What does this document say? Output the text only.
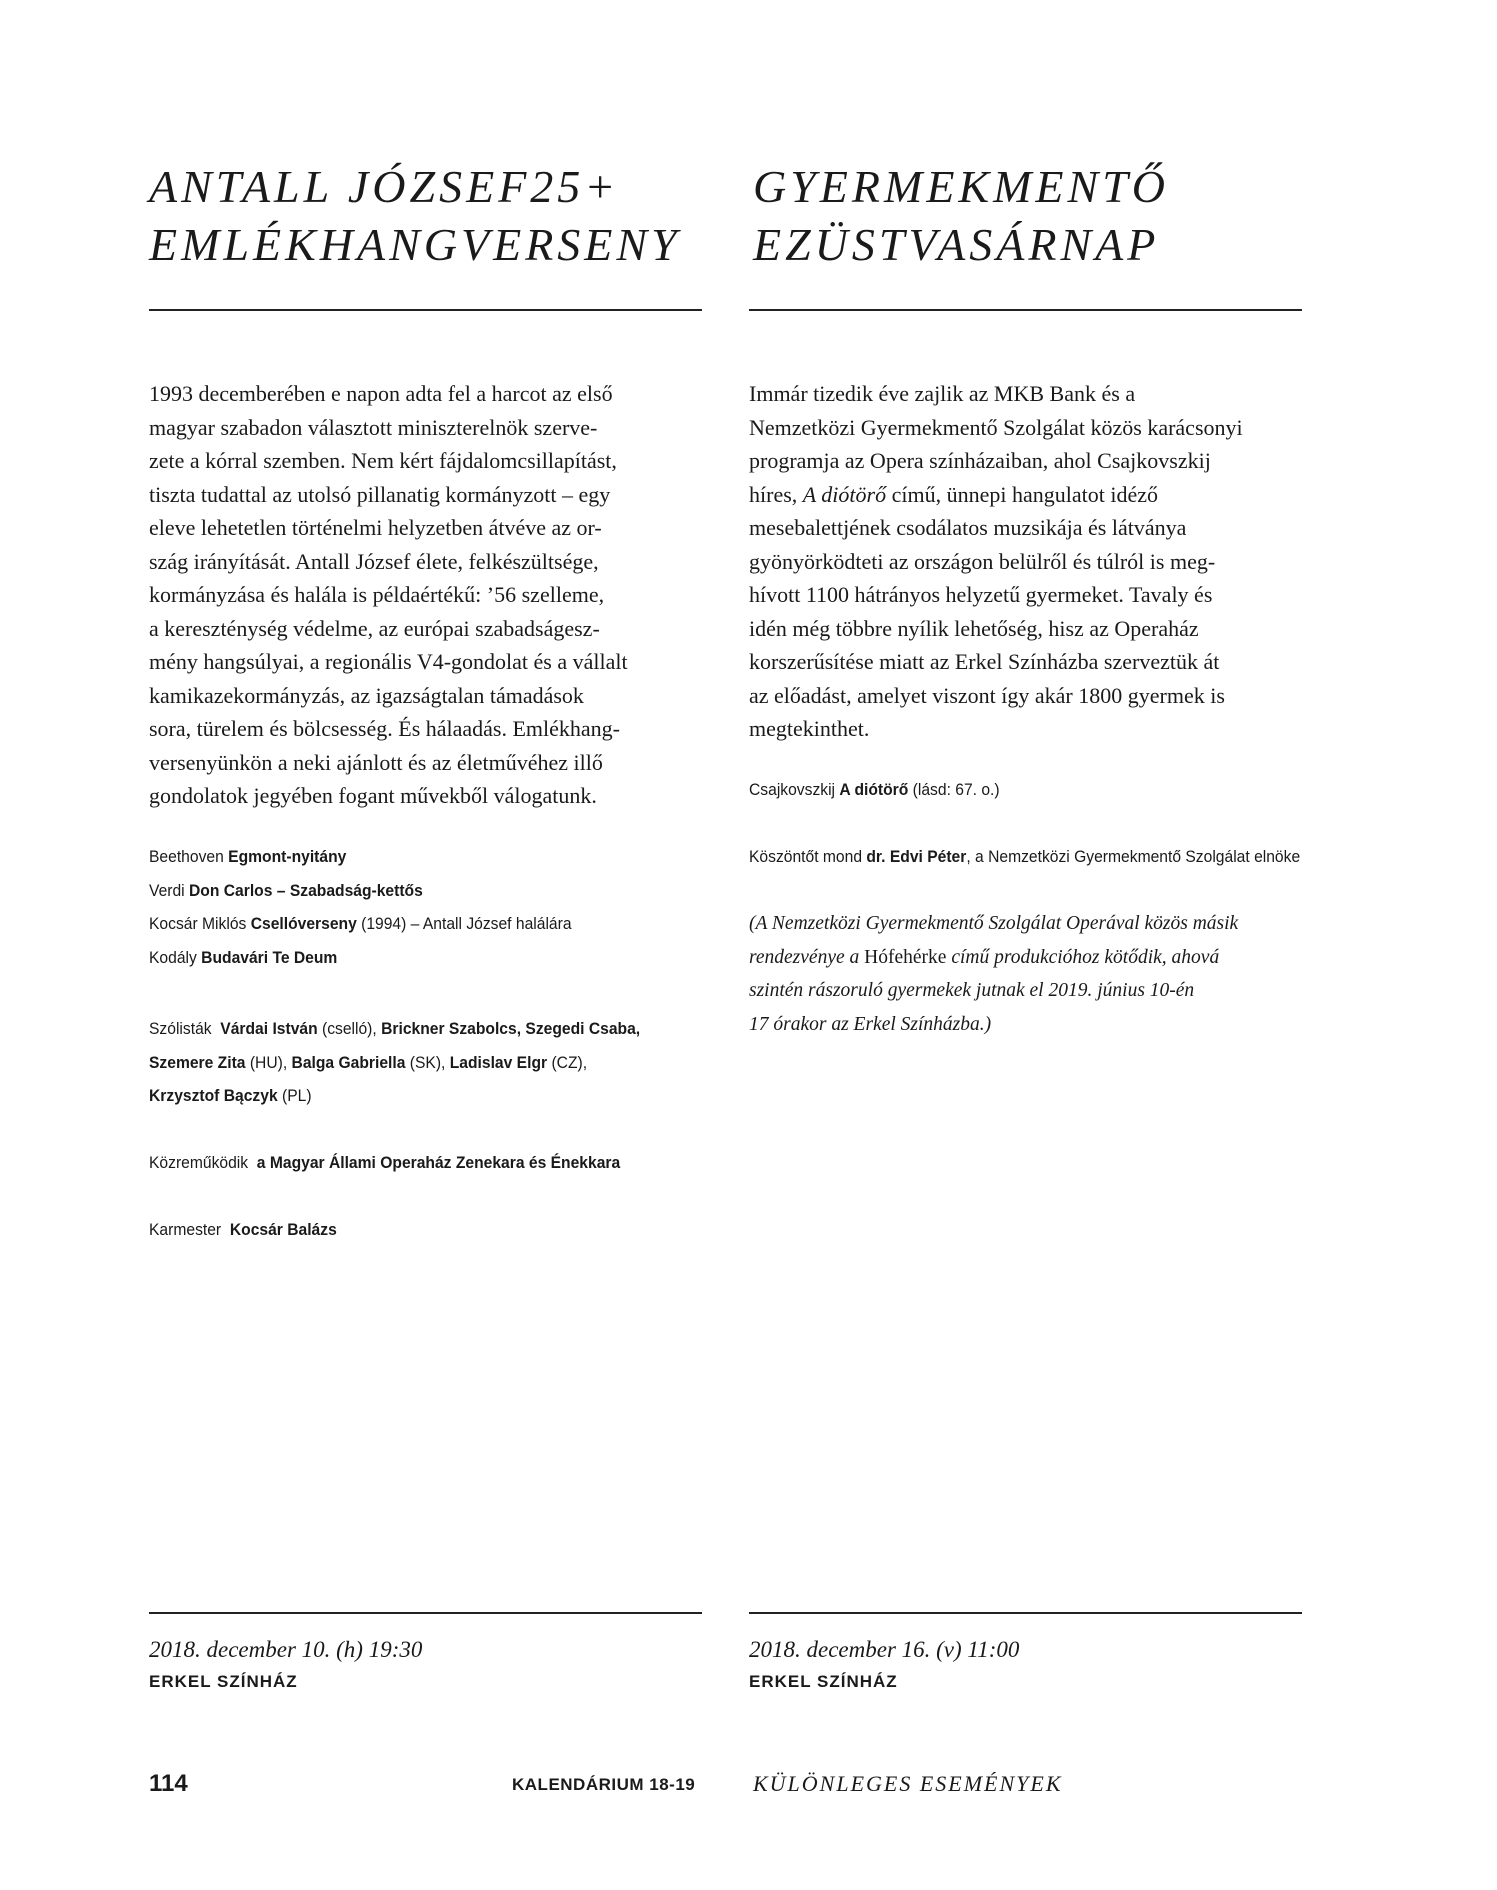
ANTALL JÓZSEF25+
EMLÉKHANGVERSENY
1993 decemberében e napon adta fel a harcot az első
magyar szabadon választott miniszterelnök szerve-
zete a kórral szemben. Nem kért fájdalomcsillapítást,
tiszta tudattal az utolsó pillanatig kormányzott – egy
eleve lehetetlen történelmi helyzetben átvéve az or-
szág irányítását. Antall József élete, felkészültsége,
kormányzása és halála is példaértékű: ’56 szelleme,
a kereszténység védelme, az európai szabadságesz-
mény hangsúlyai, a regionális V4-gondolat és a vállalt
kamikazekormányzás, az igazságtalan támadások
sora, türelem és bölcsesség. És hálaadás. Emlékhang-
versenyünkön a neki ajánlott és az életművéhez illő
gondolatok jegyében fogant művekből válogatunk.
Beethoven Egmont-nyitány
Verdi Don Carlos – Szabadság-kettős
Kocsár Miklós Csellóverseny (1994) – Antall József halálára
Kodály Budavári Te Deum
Szólisták Várdai István (cselló), Brickner Szabolcs, Szegedi Csaba,
Szemere Zita (HU), Balga Gabriella (SK), Ladislav Elgr (CZ),
Krzysztof Bączyk (PL)
Közreműködik a Magyar Állami Operaház Zenekara és Énekkara
Karmester Kocsár Balázs
2018. december 10. (h) 19:30
ERKEL SZÍNHÁZ
GYERMEKMENTŐ
EZÜSTVASÁRNAP
Immár tizedik éve zajlik az MKB Bank és a
Nemzetközi Gyermekmentő Szolgálat közös karácsonyi
programja az Opera színházaiban, ahol Csajkovszkij
híres, A diótörő című, ünnepi hangulatot idéző
mesebalettjének csodálatos muzsikája és látványa
gyönyörködteti az országon belülről és túlról is meg-
hívott 1100 hátrányos helyzetű gyermeket. Tavaly és
idén még többre nyílik lehetőség, hisz az Operaház
korszerűsítése miatt az Erkel Színházba szerveztük át
az előadást, amelyet viszont így akár 1800 gyermek is
megtekinthet.
Csajkovszkij A diótörő (lásd: 67. o.)
Köszöntőt mond dr. Edvi Péter, a Nemzetközi Gyermekmentő Szolgálat elnöke
(A Nemzetközi Gyermekmentő Szolgálat Operával közös másik
rendezvénye a Hófehérke című produkcióhoz kötődik, ahová
szintén rászoruló gyermekek jutnak el 2019. június 10-én
17 órakor az Erkel Színházba.)
2018. december 16. (v) 11:00
ERKEL SZÍNHÁZ
114	KALENDÁRIUM 18-19	KÜLÖNLEGES ESEMÉNYEK
